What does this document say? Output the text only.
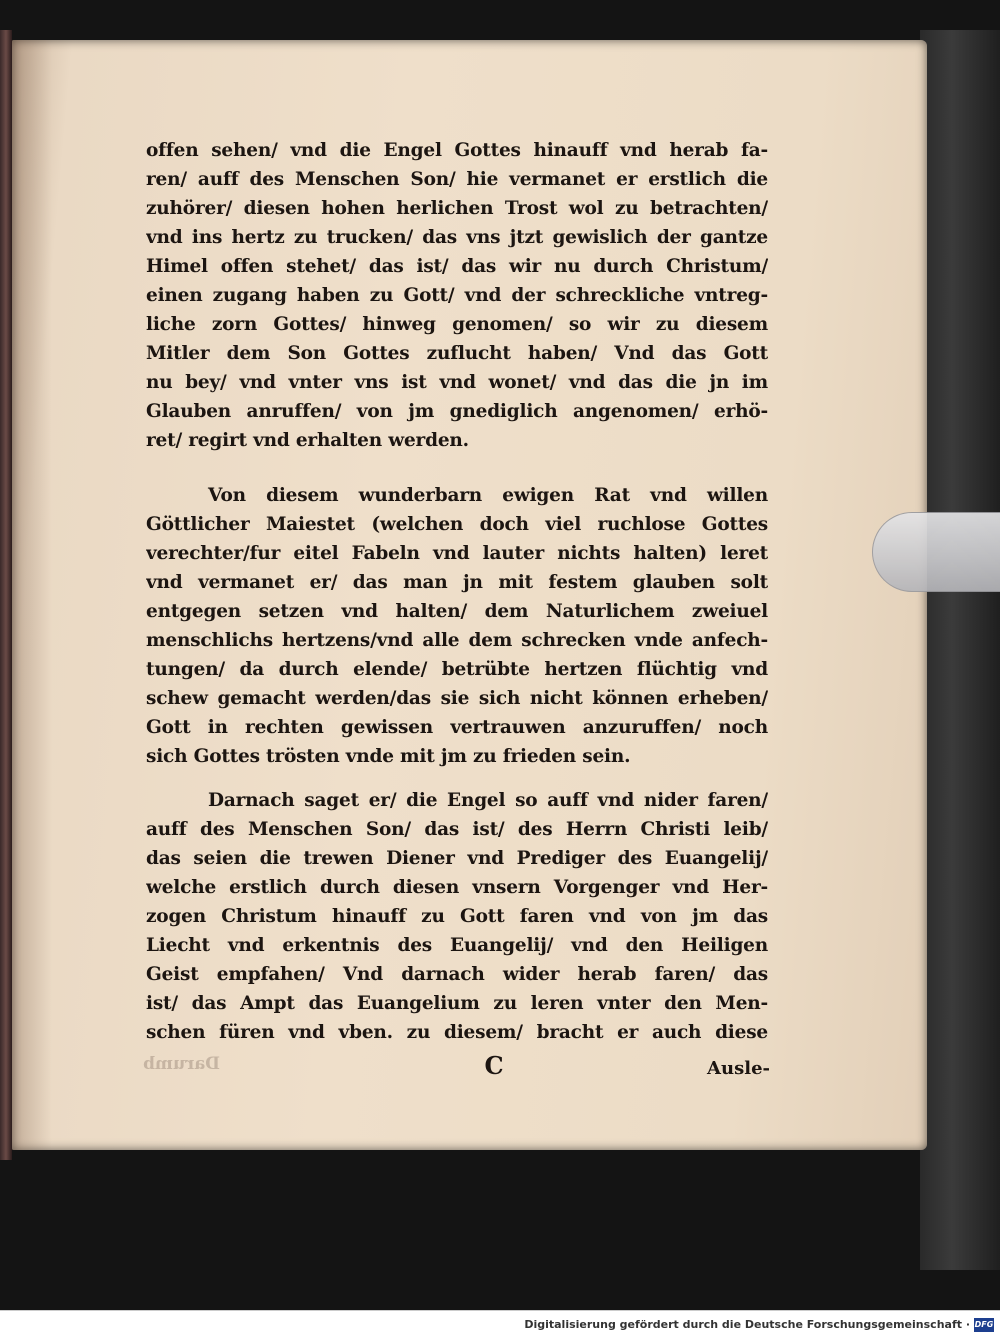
Darumb
offen sehen/ vnd die Engel Gottes hinauff vnd herab fa-
ren/ auff des Menschen Son/ hie vermanet er erstlich die
zuhörer/ diesen hohen herlichen Trost wol zu betrachten/
vnd ins hertz zu trucken/ das vns jtzt gewislich der gantze
Himel offen stehet/ das ist/ das wir nu durch Christum/
einen zugang haben zu Gott/ vnd der schreckliche vntreg-
liche zorn Gottes/ hinweg genomen/ so wir zu diesem
Mitler dem Son Gottes zuflucht haben/ Vnd das Gott
nu bey/ vnd vnter vns ist vnd wonet/ vnd das die jn im
Glauben anruffen/ von jm gnediglich angenomen/ erhö-
ret/ regirt vnd erhalten werden.
Von diesem wunderbarn ewigen Rat vnd willen
Göttlicher Maiestet (welchen doch viel ruchlose Gottes
verechter/fur eitel Fabeln vnd lauter nichts halten) leret
vnd vermanet er/ das man jn mit festem glauben solt
entgegen setzen vnd halten/ dem Naturlichem zweiuel
menschlichs hertzens/vnd alle dem schrecken vnde anfech-
tungen/ da durch elende/ betrübte hertzen flüchtig vnd
schew gemacht werden/das sie sich nicht können erheben/
Gott in rechten gewissen vertrauwen anzuruffen/ noch
sich Gottes trösten vnde mit jm zu frieden sein.
Darnach saget er/ die Engel so auff vnd nider faren/
auff des Menschen Son/ das ist/ des Herrn Christi leib/
das seien die trewen Diener vnd Prediger des Euangelij/
welche erstlich durch diesen vnsern Vorgenger vnd Her-
zogen Christum hinauff zu Gott faren vnd von jm das
Liecht vnd erkentnis des Euangelij/ vnd den Heiligen
Geist empfahen/ Vnd darnach wider herab faren/ das
ist/ das Ampt das Euangelium zu leren vnter den Men-
schen füren vnd vben. zu diesem/ bracht er auch diese
C	Ausle-
Digitalisierung gefördert durch die Deutsche Forschungsgemeinschaft · DFG
